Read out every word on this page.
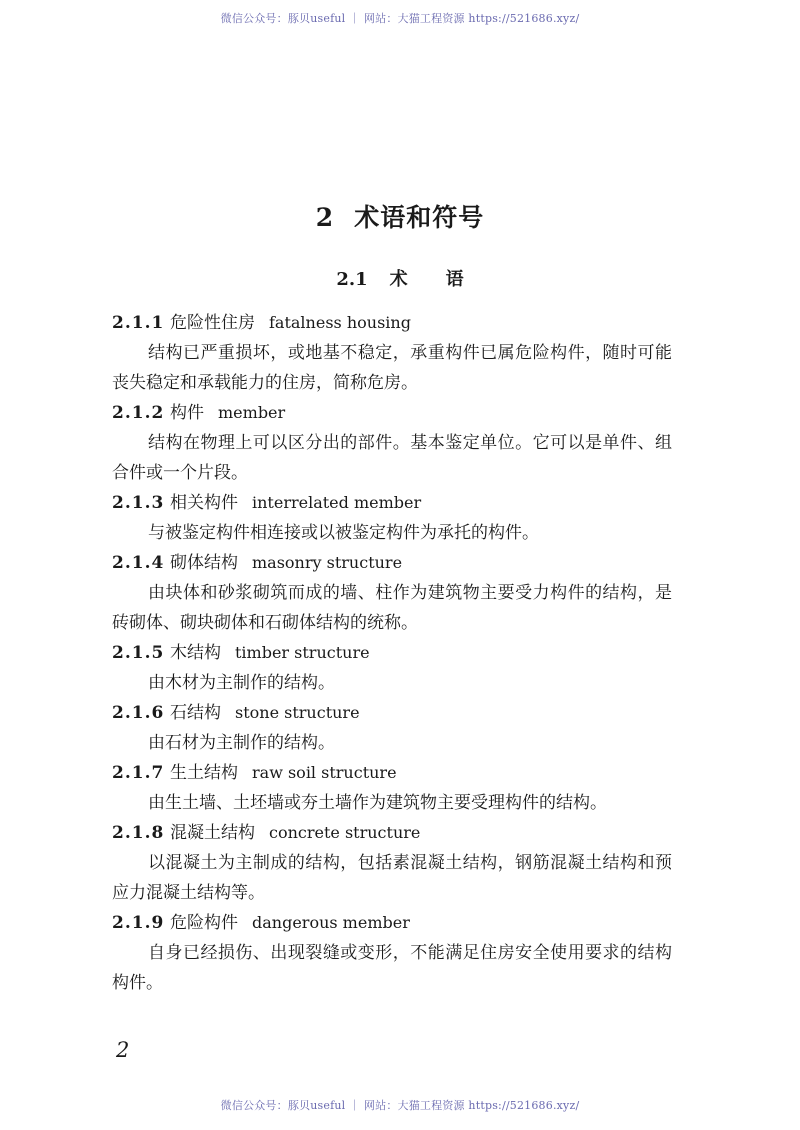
微信公众号：豚贝useful ｜ 网站：大猫工程资源 https://521686.xyz/
2 术语和符号
2.1 术 语
2.1.1 危险性住房 fatalness housing

结构已严重损坏，或地基不稳定，承重构件已属危险构件，随时可能丧失稳定和承载能力的住房，简称危房。

2.1.2 构件 member

结构在物理上可以区分出的部件。基本鉴定单位。它可以是单件、组合件或一个片段。

2.1.3 相关构件 interrelated member

与被鉴定构件相连接或以被鉴定构件为承托的构件。

2.1.4 砌体结构 masonry structure

由块体和砂浆砌筑而成的墙、柱作为建筑物主要受力构件的结构，是砖砌体、砌块砌体和石砌体结构的统称。

2.1.5 木结构 timber structure

由木材为主制作的结构。

2.1.6 石结构 stone structure

由石材为主制作的结构。

2.1.7 生土结构 raw soil structure

由生土墙、土坯墙或夯土墙作为建筑物主要受理构件的结构。

2.1.8 混凝土结构 concrete structure

以混凝土为主制成的结构，包括素混凝土结构，钢筋混凝土结构和预应力混凝土结构等。

2.1.9 危险构件 dangerous member

自身已经损伤、出现裂缝或变形，不能满足住房安全使用要求的结构构件。

2
微信公众号：豚贝useful ｜ 网站：大猫工程资源 https://521686.xyz/
